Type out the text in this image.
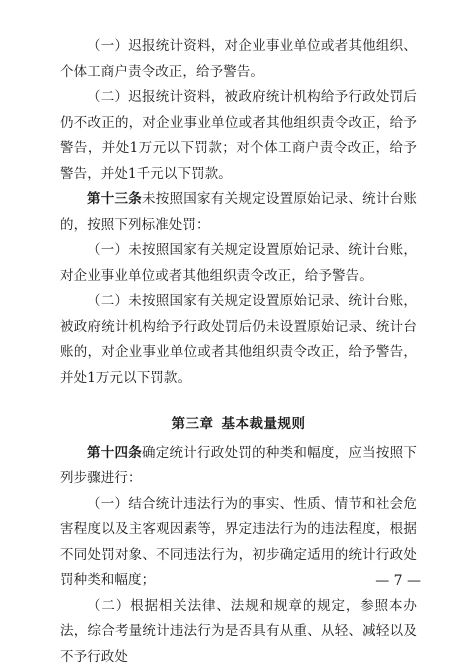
（一）迟报统计资料，对企业事业单位或者其他组织、个体工商户责令改正，给予警告。

（二）迟报统计资料，被政府统计机构给予行政处罚后仍不改正的，对企业事业单位或者其他组织责令改正，给予警告，并处1万元以下罚款；对个体工商户责令改正，给予警告，并处1千元以下罚款。

第十三条未按照国家有关规定设置原始记录、统计台账的，按照下列标准处罚：

（一）未按照国家有关规定设置原始记录、统计台账，对企业事业单位或者其他组织责令改正，给予警告。

（二）未按照国家有关规定设置原始记录、统计台账，被政府统计机构给予行政处罚后仍未设置原始记录、统计台账的，对企业事业单位或者其他组织责令改正，给予警告，并处1万元以下罚款。

第三章 基本裁量规则

第十四条确定统计行政处罚的种类和幅度，应当按照下列步骤进行：

（一）结合统计违法行为的事实、性质、情节和社会危害程度以及主客观因素等，界定违法行为的违法程度，根据不同处罚对象、不同违法行为，初步确定适用的统计行政处罚种类和幅度；

（二）根据相关法律、法规和规章的规定，参照本办法，综合考量统计违法行为是否具有从重、从轻、减轻以及不予行政处

— 7 —
